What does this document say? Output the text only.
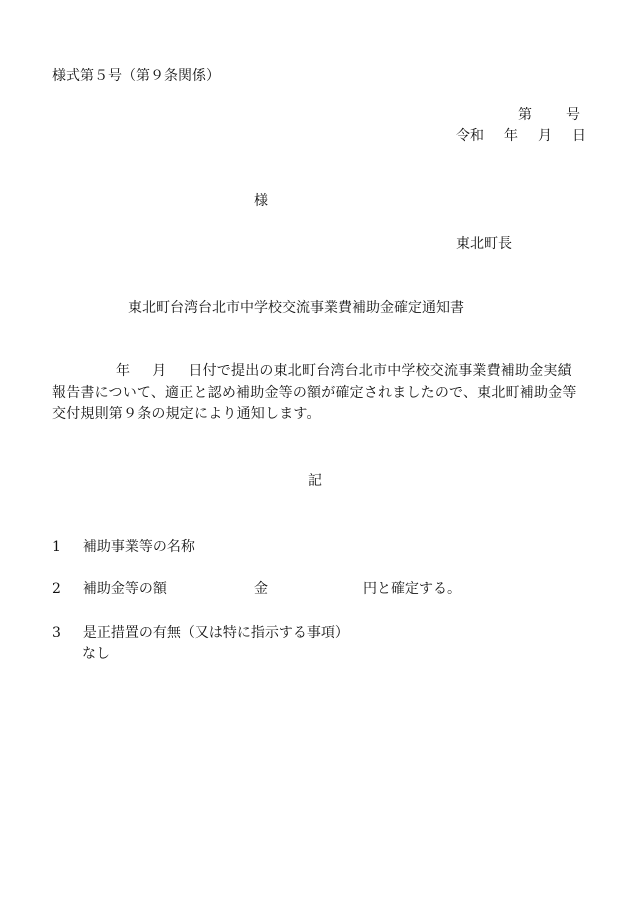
様式第５号（第９条関係）
第 号
令和 年 月 日
様
東北町長
東北町台湾台北市中学校交流事業費補助金確定通知書
年 月 日付で提出の東北町台湾台北市中学校交流事業費補助金実績報告書について、適正と認め補助金等の額が確定されましたので、東北町補助金等交付規則第９条の規定により通知します。
記
1 補助事業等の名称
2 補助金等の額	金	円と確定する。
3 是正措置の有無（又は特に指示する事項）
なし
